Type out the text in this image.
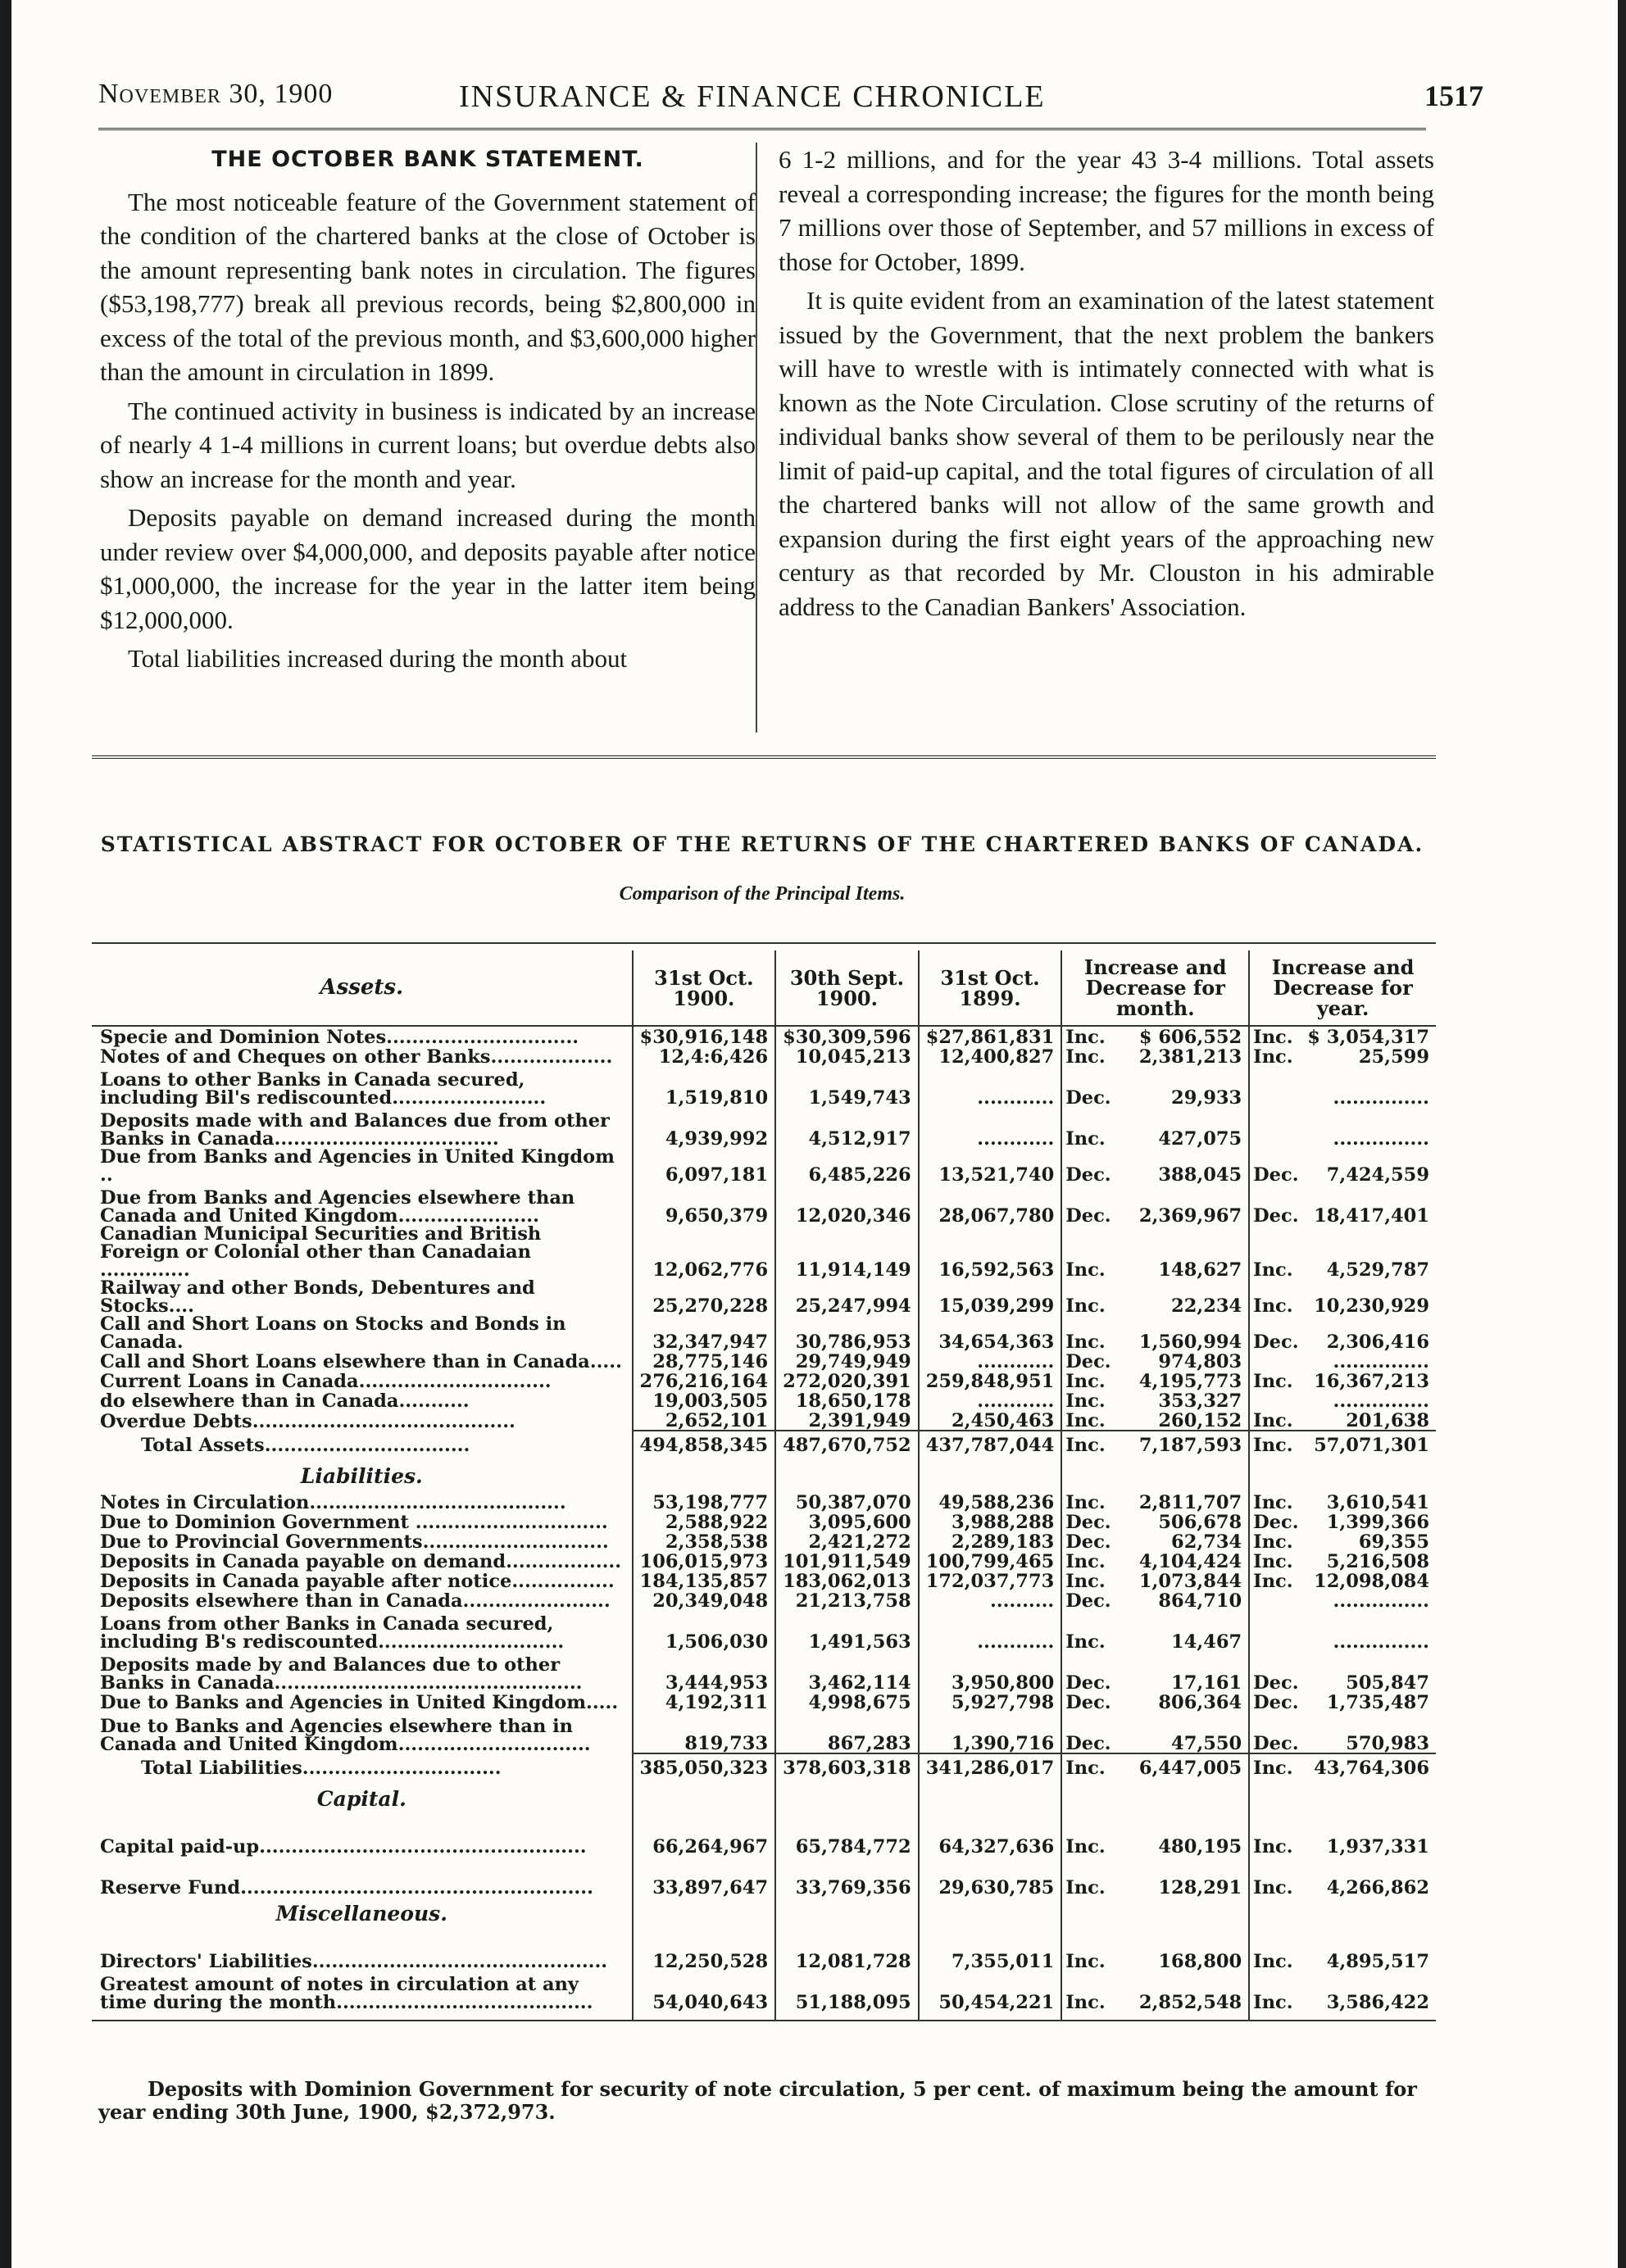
November 30, 1900	INSURANCE & FINANCE CHRONICLE	1517
THE OCTOBER BANK STATEMENT.

The most noticeable feature of the Government statement of the condition of the chartered banks at the close of October is the amount representing bank notes in circulation. The figures ($53,198,777) break all previous records, being $2,800,000 in excess of the total of the previous month, and $3,600,000 higher than the amount in circulation in 1899.

The continued activity in business is indicated by an increase of nearly 4 1-4 millions in current loans; but overdue debts also show an increase for the month and year.

Deposits payable on demand increased during the month under review over $4,000,000, and deposits payable after notice $1,000,000, the increase for the year in the latter item being $12,000,000.

Total liabilities increased during the month about

6 1-2 millions, and for the year 43 3-4 millions. Total assets reveal a corresponding increase; the figures for the month being 7 millions over those of September, and 57 millions in excess of those for October, 1899.

It is quite evident from an examination of the latest statement issued by the Government, that the next problem the bankers will have to wrestle with is intimately connected with what is known as the Note Circulation. Close scrutiny of the returns of individual banks show several of them to be perilously near the limit of paid-up capital, and the total figures of circulation of all the chartered banks will not allow of the same growth and expansion during the first eight years of the approaching new century as that recorded by Mr. Clouston in his admirable address to the Canadian Bankers' Association.

STATISTICAL ABSTRACT FOR OCTOBER OF THE RETURNS OF THE CHARTERED BANKS OF CANADA.
Comparison of the Principal Items.
Assets.	31st Oct. 1900.	30th Sept. 1900.	31st Oct. 1899.	Increase and Decrease for month.		Increase and Decrease for year.	
Specie and Dominion Notes..............................	$30,916,148	$30,309,596	$27,861,831	Inc.	$ 606,552	Inc.	$ 3,054,317
Notes of and Cheques on other Banks...................	12,4:6,426	10,045,213	12,400,827	Inc.	2,381,213	Inc.	25,599
Loans to other Banks in Canada secured, including Bil's rediscounted........................	1,519,810	1,549,743	............	Dec.	29,933		...............
Deposits made with and Balances due from other Banks in Canada...................................	4,939,992	4,512,917	............	Inc.	427,075		...............
Due from Banks and Agencies in United Kingdom ..	6,097,181	6,485,226	13,521,740	Dec.	388,045	Dec.	7,424,559
Due from Banks and Agencies elsewhere than Canada and United Kingdom......................	9,650,379	12,020,346	28,067,780	Dec.	2,369,967	Dec.	18,417,401
Canadian Municipal Securities and British Foreign or Colonial other than Canadaian ..............	12,062,776	11,914,149	16,592,563	Inc.	148,627	Inc.	4,529,787
Railway and other Bonds, Debentures and Stocks....	25,270,228	25,247,994	15,039,299	Inc.	22,234	Inc.	10,230,929
Call and Short Loans on Stocks and Bonds in Canada.	32,347,947	30,786,953	34,654,363	Inc.	1,560,994	Dec.	2,306,416
Call and Short Loans elsewhere than in Canada.....	28,775,146	29,749,949	............	Dec.	974,803		...............
Current Loans in Canada..............................	276,216,164	272,020,391	259,848,951	Inc.	4,195,773	Inc.	16,367,213
do elsewhere than in Canada...........	19,003,505	18,650,178	............	Inc.	353,327		...............
Overdue Debts.........................................	2,652,101	2,391,949	2,450,463	Inc.	260,152	Inc.	201,638
Total Assets................................	494,858,345	487,670,752	437,787,044	Inc.	7,187,593	Inc.	57,071,301
Liabilities.							
Notes in Circulation........................................	53,198,777	50,387,070	49,588,236	Inc.	2,811,707	Inc.	3,610,541
Due to Dominion Government ..............................	2,588,922	3,095,600	3,988,288	Dec.	506,678	Dec.	1,399,366
Due to Provincial Governments.............................	2,358,538	2,421,272	2,289,183	Dec.	62,734	Inc.	69,355
Deposits in Canada payable on demand..................	106,015,973	101,911,549	100,799,465	Inc.	4,104,424	Inc.	5,216,508
Deposits in Canada payable after notice................	184,135,857	183,062,013	172,037,773	Inc.	1,073,844	Inc.	12,098,084
Deposits elsewhere than in Canada.......................	20,349,048	21,213,758	..........	Dec.	864,710		...............
Loans from other Banks in Canada secured, including B's rediscounted.............................	1,506,030	1,491,563	............	Inc.	14,467		...............
Deposits made by and Balances due to other Banks in Canada................................................	3,444,953	3,462,114	3,950,800	Dec.	17,161	Dec.	505,847
Due to Banks and Agencies in United Kingdom.....	4,192,311	4,998,675	5,927,798	Dec.	806,364	Dec.	1,735,487
Due to Banks and Agencies elsewhere than in Canada and United Kingdom..............................	819,733	867,283	1,390,716	Dec.	47,550	Dec.	570,983
Total Liabilities...............................	385,050,323	378,603,318	341,286,017	Inc.	6,447,005	Inc.	43,764,306
Capital.							
Capital paid-up...................................................	66,264,967	65,784,772	64,327,636	Inc.	480,195	Inc.	1,937,331
Reserve Fund.......................................................	33,897,647	33,769,356	29,630,785	Inc.	128,291	Inc.	4,266,862
Miscellaneous.							
Directors' Liabilities..............................................	12,250,528	12,081,728	7,355,011	Inc.	168,800	Inc.	4,895,517
Greatest amount of notes in circulation at any time during the month........................................	54,040,643	51,188,095	50,454,221	Inc.	2,852,548	Inc.	3,586,422
Deposits with Dominion Government for security of note circulation, 5 per cent. of maximum being the amount for year ending 30th June, 1900, $2,372,973.
